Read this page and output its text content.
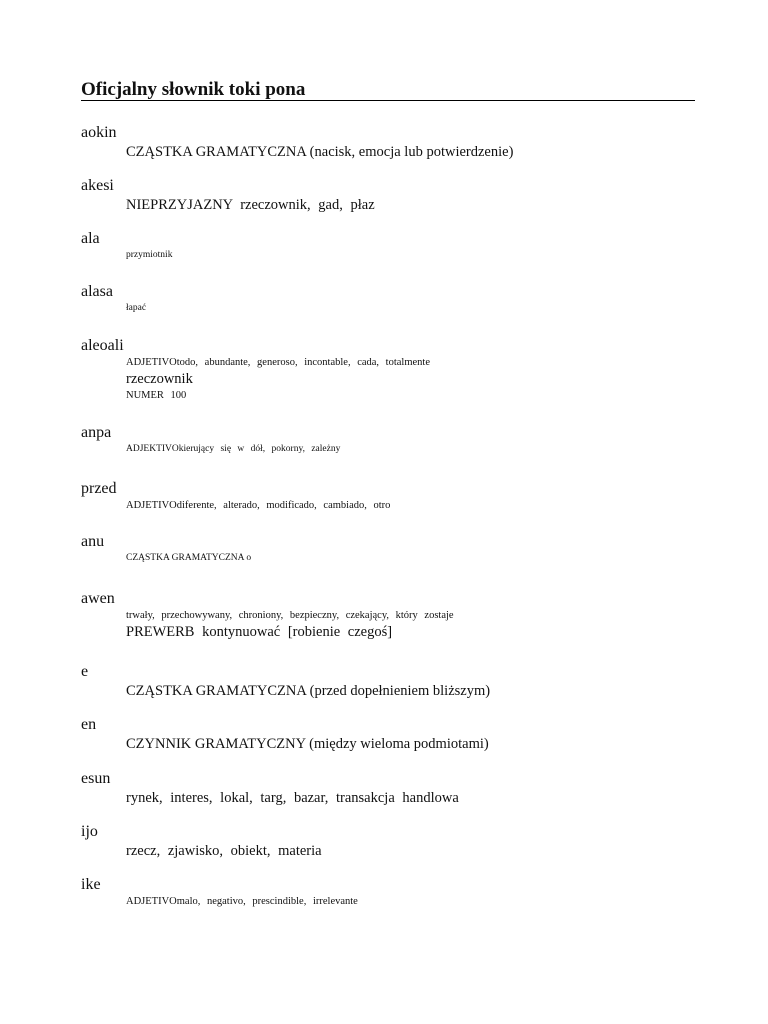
Oficjalny słownik toki pona
aokin
CZĄSTKA GRAMATYCZNA (nacisk, emocja lub potwierdzenie)
akesi
NIEPRZYJAZNY rzeczownik, gad, płaz
ala
przymiotnik
alasa
łapać
aleoali
ADJETIVOtodo, abundante, generoso, incontable, cada, totalmente
rzeczownik
NUMER 100
anpa
ADJEKTIVOkierujący się w dół, pokorny, zależny
przed
ADJETIVOdiferente, alterado, modificado, cambiado, otro
anu
CZĄSTKA GRAMATYCZNA o
awen
trwały, przechowywany, chroniony, bezpieczny, czekający, który zostaje
PREWERB kontynuować [robienie czegoś]
e
CZĄSTKA GRAMATYCZNA (przed dopełnieniem bliższym)
en
CZYNNIK GRAMATYCZNY (między wieloma podmiotami)
esun
rynek, interes, lokal, targ, bazar, transakcja handlowa
ijo
rzecz, zjawisko, obiekt, materia
ike
ADJETIVOmalo, negativo, prescindible, irrelevante
